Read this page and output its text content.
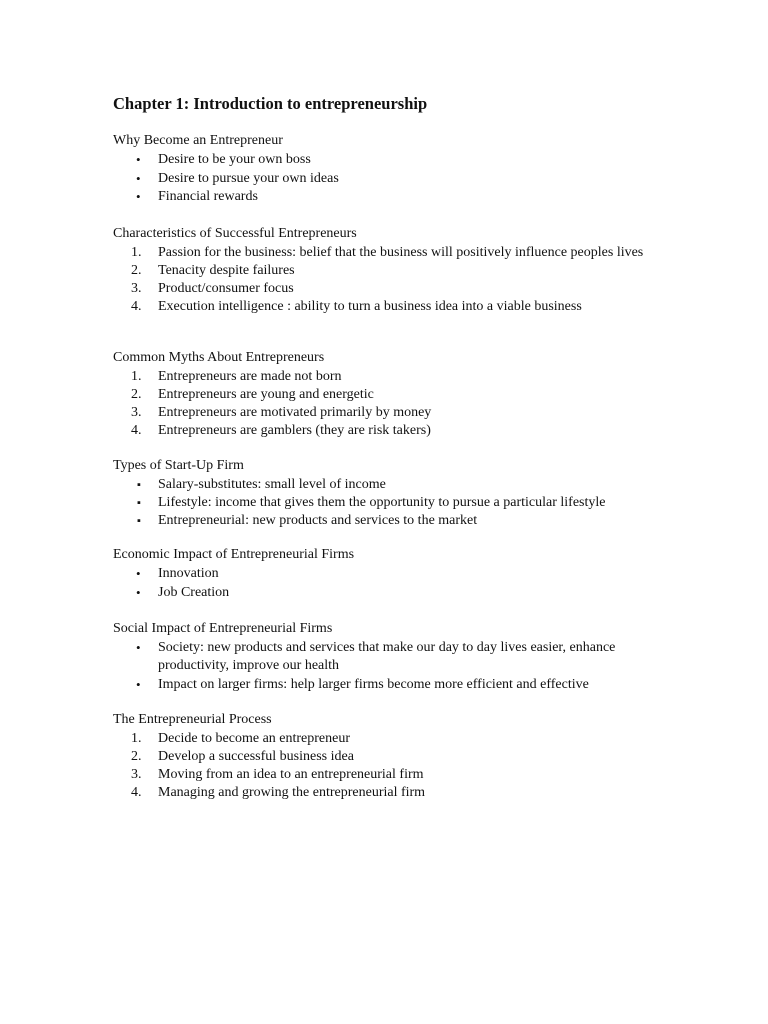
Chapter 1: Introduction to entrepreneurship
Why Become an Entrepreneur
• Desire to be your own boss
• Desire to pursue your own ideas
• Financial rewards
Characteristics of Successful Entrepreneurs
1.	Passion for the business: belief that the business will positively influence peoples lives
2.	Tenacity despite failures
3.	Product/consumer focus
4.	Execution intelligence : ability to turn a business idea into a viable business
Common Myths About Entrepreneurs
1.	Entrepreneurs are made not born
2.	Entrepreneurs are young and energetic
3.	Entrepreneurs are motivated primarily by money
4.	Entrepreneurs are gamblers (they are risk takers)
Types of Start-Up Firm
▪ Salary-substitutes: small level of income
▪ Lifestyle: income that gives them the opportunity to pursue a particular lifestyle
▪ Entrepreneurial: new products and services to the market
Economic Impact of Entrepreneurial Firms
• Innovation
• Job Creation
Social Impact of Entrepreneurial Firms
• Society: new products and services that make our day to day lives easier, enhance productivity, improve our health
• Impact on larger firms: help larger firms become more efficient and effective
The Entrepreneurial Process
1.	Decide to become an entrepreneur
2.	Develop a successful business idea
3.	Moving from an idea to an entrepreneurial firm
4.	Managing and growing the entrepreneurial firm
